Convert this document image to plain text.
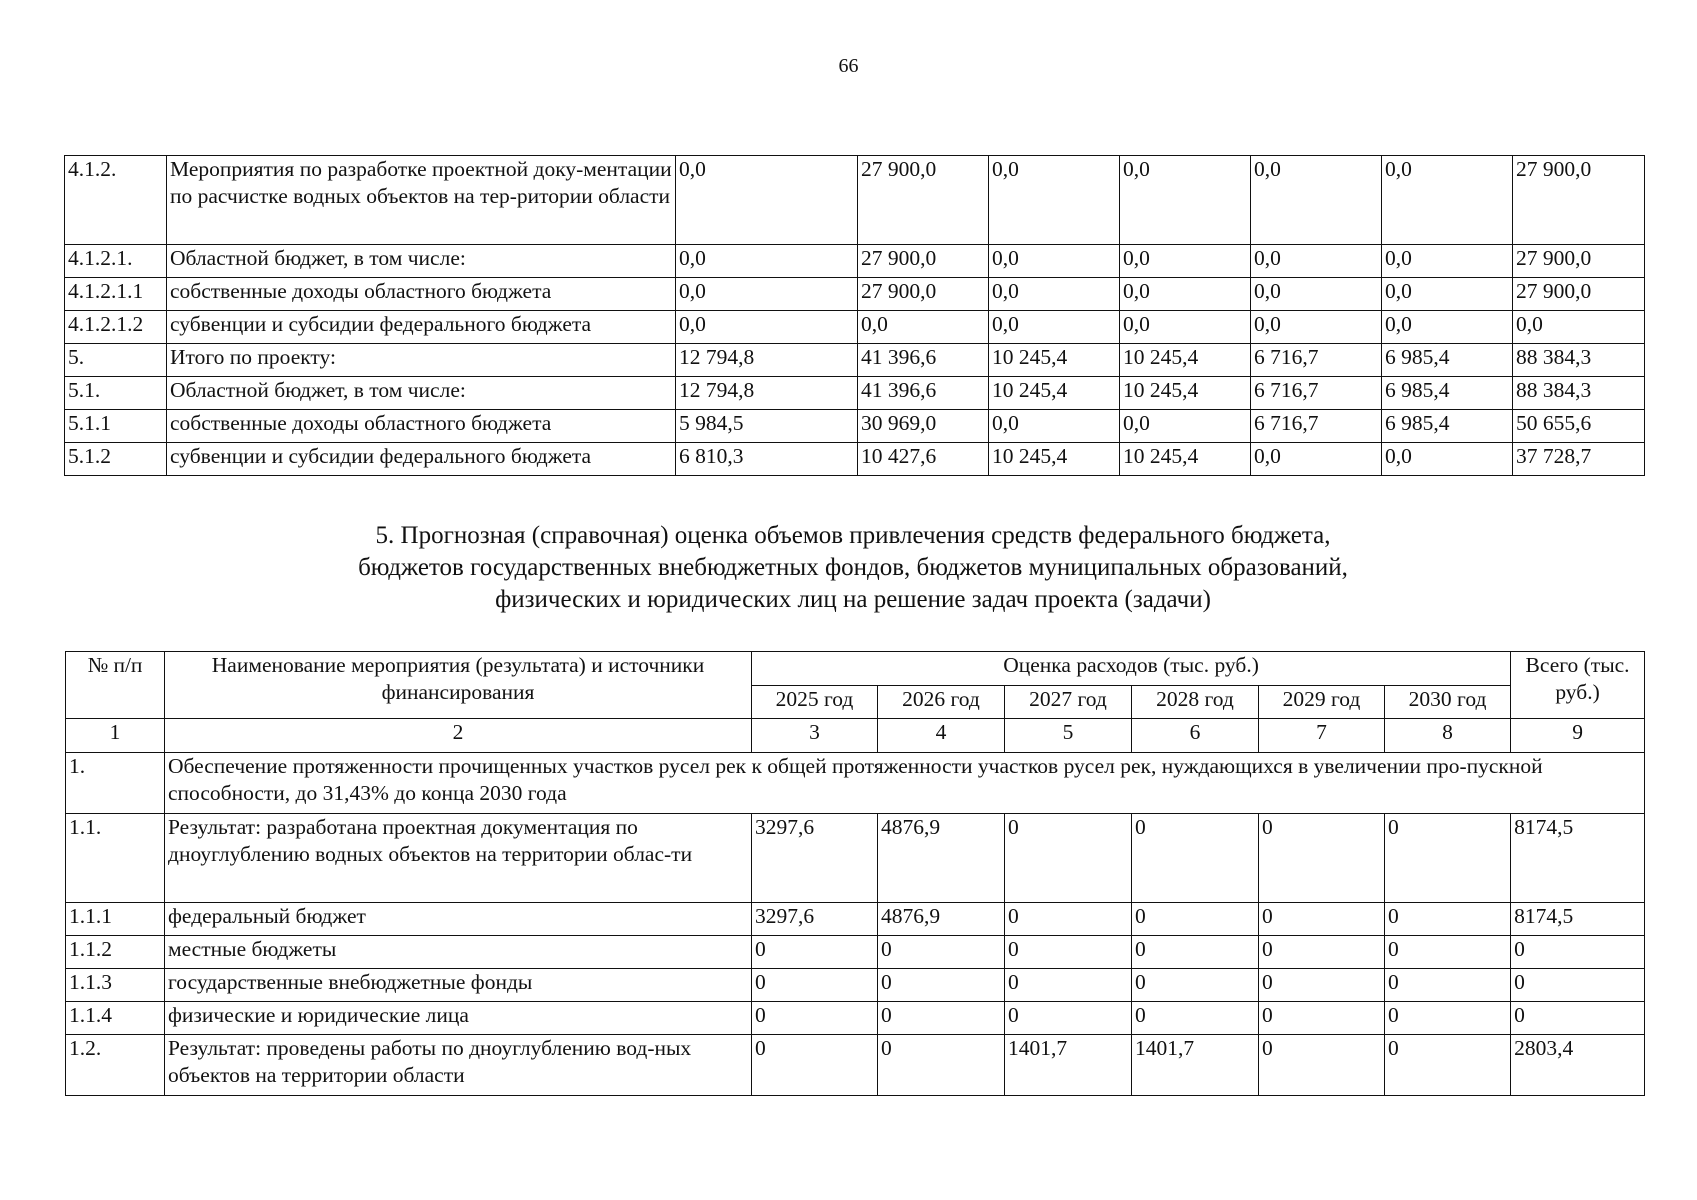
66
4.1.2.	Мероприятия по разработке проектной доку-ментации по расчистке водных объектов на тер-ритории области	0,0	27 900,0	0,0	0,0	0,0	0,0	27 900,0
4.1.2.1.	Областной бюджет, в том числе:	0,0	27 900,0	0,0	0,0	0,0	0,0	27 900,0
4.1.2.1.1	собственные доходы областного бюджета	0,0	27 900,0	0,0	0,0	0,0	0,0	27 900,0
4.1.2.1.2	субвенции и субсидии федерального бюджета	0,0	0,0	0,0	0,0	0,0	0,0	0,0
5.	Итого по проекту:	12 794,8	41 396,6	10 245,4	10 245,4	6 716,7	6 985,4	88 384,3
5.1.	Областной бюджет, в том числе:	12 794,8	41 396,6	10 245,4	10 245,4	6 716,7	6 985,4	88 384,3
5.1.1	собственные доходы областного бюджета	5 984,5	30 969,0	0,0	0,0	6 716,7	6 985,4	50 655,6
5.1.2	субвенции и субсидии федерального бюджета	6 810,3	10 427,6	10 245,4	10 245,4	0,0	0,0	37 728,7
5. Прогнозная (справочная) оценка объемов привлечения средств федерального бюджета,
бюджетов государственных внебюджетных фондов, бюджетов муниципальных образований,
физических и юридических лиц на решение задач проекта (задачи)
№ п/п	Наименование мероприятия (результата) и источники финансирования	Оценка расходов (тыс. руб.)						Всего (тыс. руб.)
		2025 год	2026 год	2027 год	2028 год	2029 год	2030 год	
1	2	3	4	5	6	7	8	9
1.	Обеспечение протяженности прочищенных участков русел рек к общей протяженности участков русел рек, нуждающихся в увеличении про-пускной способности, до 31,43% до конца 2030 года							
1.1.	Результат: разработана проектная документация по дноуглублению водных объектов на территории облас-ти	3297,6	4876,9	0	0	0	0	8174,5
1.1.1	федеральный бюджет	3297,6	4876,9	0	0	0	0	8174,5
1.1.2	местные бюджеты	0	0	0	0	0	0	0
1.1.3	государственные внебюджетные фонды	0	0	0	0	0	0	0
1.1.4	физические и юридические лица	0	0	0	0	0	0	0
1.2.	Результат: проведены работы по дноуглублению вод-ных объектов на территории области	0	0	1401,7	1401,7	0	0	2803,4
